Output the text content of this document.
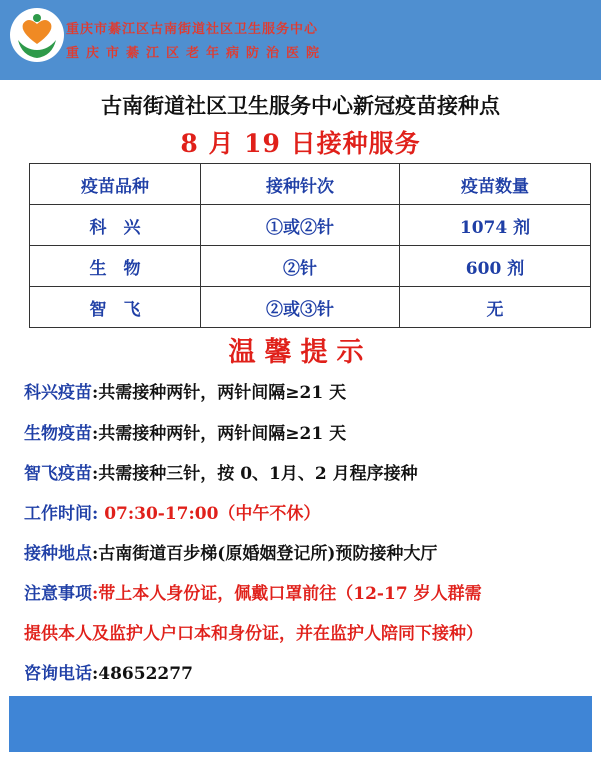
重庆市綦江区古南街道社区卫生服务中心
重庆市綦江区老年病防治医院
古南街道社区卫生服务中心新冠疫苗接种点
8 月 19 日接种服务
疫苗品种	接种针次	疫苗数量
科　兴	①或②针	1074 剂
生　物	②针	600 剂
智　飞	②或③针	无
温馨提示
科兴疫苗:共需接种两针，两针间隔≥21 天
生物疫苗:共需接种两针，两针间隔≥21 天
智飞疫苗:共需接种三针，按 0、1月、2 月程序接种
工作时间: 07:30-17:00（中午不休）
接种地点:古南街道百步梯(原婚姻登记所)预防接种大厅
注意事项:带上本人身份证，佩戴口罩前往（12-17 岁人群需
提供本人及监护人户口本和身份证，并在监护人陪同下接种）
咨询电话:48652277
